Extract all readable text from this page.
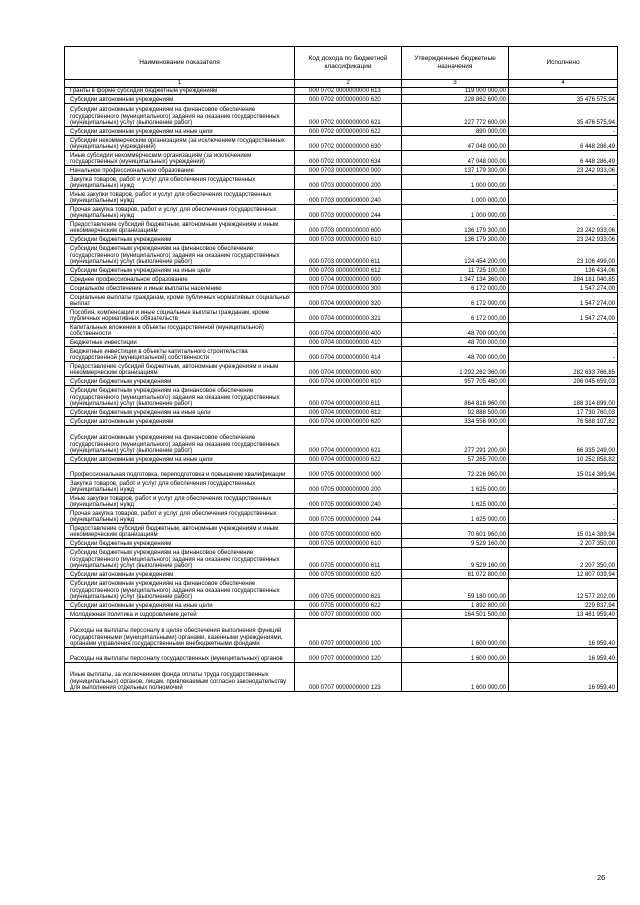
Наименование показателя	Код дохода по бюджетной классификации	Утвержденные бюджетные назначения	Исполнено
1	2	3	4
Гранты в форме субсидии бюджетным учреждениям	000 0702 0000000000 613	119 000 000,00	
Субсидии автономным учреждениям	000 0702 0000000000 620	228 862 600,00	35 476 575,94
Субсидии автономным учреждениям на финансовое обеспечение государственного (муниципального) задания на оказание государственных (муниципальных) услуг (выполнение работ)	000 0702 0000000000 621	227 772 600,00	35 476 575,94
Субсидии автономным учреждениям на иные цели	000 0702 0000000000 622	890 000,00	-
Субсидии некоммерческим организациям (за исключением государственных (муниципальных) учреждений)	000 0702 0000000000 630	47 048 000,00	6 448 286,49
Иные субсидии некоммерческим организациям (за исключением государственных (муниципальных) учреждений)	000 0702 0000000000 634	47 048 000,00	6 448 286,49
Начальное профессиональное образование	000 0703 0000000000 000	137 179 300,00	23 242 933,06
Закупка товаров, работ и услуг для обеспечения государственных (муниципальных) нужд	000 0703 0000000000 200	1 000 000,00	-
Иные закупки товаров, работ и услуг для обеспечения государственных (муниципальных) нужд	000 0703 0000000000 240	1 000 000,00	-
Прочая закупка товаров, работ и услуг для обеспечения государственных (муниципальных) нужд	000 0703 0000000000 244	1 000 000,00	-
Предоставление субсидий бюджетным, автономным учреждениям и иным некоммерческим организациям	000 0703 0000000000 600	136 179 300,00	23 242 933,06
Субсидии бюджетным учреждениям	000 0703 0000000000 610	136 179 300,00	23 242 933,06
Субсидии бюджетным учреждениям на финансовое обеспечение государственного (муниципального) задания на оказание государственных (муниципальных) услуг (выполнение работ)	000 0703 0000000000 611	124 454 200,00	23 106 499,00
Субсидии бюджетным учреждениям на иные цели	000 0703 0000000000 612	11 725 100,00	136 434,06
Среднее профессиональное образование	000 0704 0000000000 000	1 347 134 360,00	284 181 040,85
Социальное обеспечение и иные выплаты населению	000 0704 0000000000 300	6 172 000,00	1 547 274,00
Социальные выплаты гражданам, кроме публичных нормативных социальных выплат	000 0704 0000000000 320	6 172 000,00	1 547 274,00
Пособия, компенсации и иные социальные выплаты гражданам, кроме публичных нормативных обязательств	000 0704 0000000000 321	6 172 000,00	1 547 274,00
Капитальные вложения в объекты государственной (муниципальной) собственности	000 0704 0000000000 400	48 700 000,00	-
Бюджетные инвестиции	000 0704 0000000000 410	48 700 000,00	-
Бюджетные инвестиции в объекты капитального строительства государственной (муниципальной) собственности	000 0704 0000000000 414	48 700 000,00	-
Предоставление субсидий бюджетным, автономным учреждениям и иным некоммерческим организациям	000 0704 0000000000 600	1 292 262 360,00	282 633 766,85
Субсидии бюджетным учреждениям	000 0704 0000000000 610	957 705 460,00	206 045 659,03
Субсидии бюджетным учреждениям на финансовое обеспечение государственного (муниципального) задания на оказание государственных (муниципальных) услуг (выполнение работ)	000 0704 0000000000 611	864 816 960,00	188 314 899,00
Субсидии бюджетным учреждениям на иные цели	000 0704 0000000000 612	92 888 500,00	17 730 760,03
Субсидии автономным учреждениям	000 0704 0000000000 620	334 556 900,00	76 588 107,82
Субсидии автономным учреждениям на финансовое обеспечение государственного (муниципального) задания на оказание государственных (муниципальных) услуг (выполнение работ)	000 0704 0000000000 621	277 291 200,00	66 335 249,00
Субсидии автономным учреждениям на иные цели	000 0704 0000000000 622	57 265 700,00	10 252 858,82
Профессиональная подготовка, переподготовка и повышение квалификации	000 0705 0000000000 000	72 226 960,00	15 014 389,94
Закупка товаров, работ и услуг для обеспечения государственных (муниципальных) нужд	000 0705 0000000000 200	1 625 000,00	-
Иные закупки товаров, работ и услуг для обеспечения государственных (муниципальных) нужд	000 0705 0000000000 240	1 625 000,00	-
Прочая закупка товаров, работ и услуг для обеспечения государственных (муниципальных) нужд	000 0705 0000000000 244	1 625 000,00	-
Предоставление субсидий бюджетным, автономным учреждениям и иным некоммерческим организациям	000 0705 0000000000 600	70 601 960,00	15 014 389,94
Субсидии бюджетным учреждениям	000 0705 0000000000 610	9 529 160,00	2 207 350,00
Субсидии бюджетным учреждениям на финансовое обеспечение государственного (муниципального) задания на оказание государственных (муниципальных) услуг (выполнение работ)	000 0705 0000000000 611	9 529 160,00	2 207 350,00
Субсидии автономным учреждениям	000 0705 0000000000 620	61 072 800,00	12 807 039,94
Субсидии автономным учреждениям на финансовое обеспечение государственного (муниципального) задания на оказание государственных (муниципальных) услуг (выполнение работ)	000 0705 0000000000 621	59 180 000,00	12 577 202,00
Субсидии автономным учреждениям на иные цели	000 0705 0000000000 622	1 892 800,00	229 837,94
Молодежная политика и оздоровление детей	000 0707 0000000000 000	164 501 500,00	13 461 959,40
Расходы на выплаты персоналу в целях обеспечения выполнения функций государственными (муниципальными) органами, казенными учреждениями, органами управления государственными внебюджетными фондами	000 0707 0000000000 100	1 600 000,00	16 959,40
Расходы на выплаты персоналу государственных (муниципальных) органов	000 0707 0000000000 120	1 600 000,00	16 959,40
Иные выплаты, за исключением фонда оплаты труда государственных (муниципальных) органов, лицам, привлекаемым согласно законодательству для выполнения отдельных полномочий	000 0707 0000000000 123	1 600 000,00	16 959,40
26
